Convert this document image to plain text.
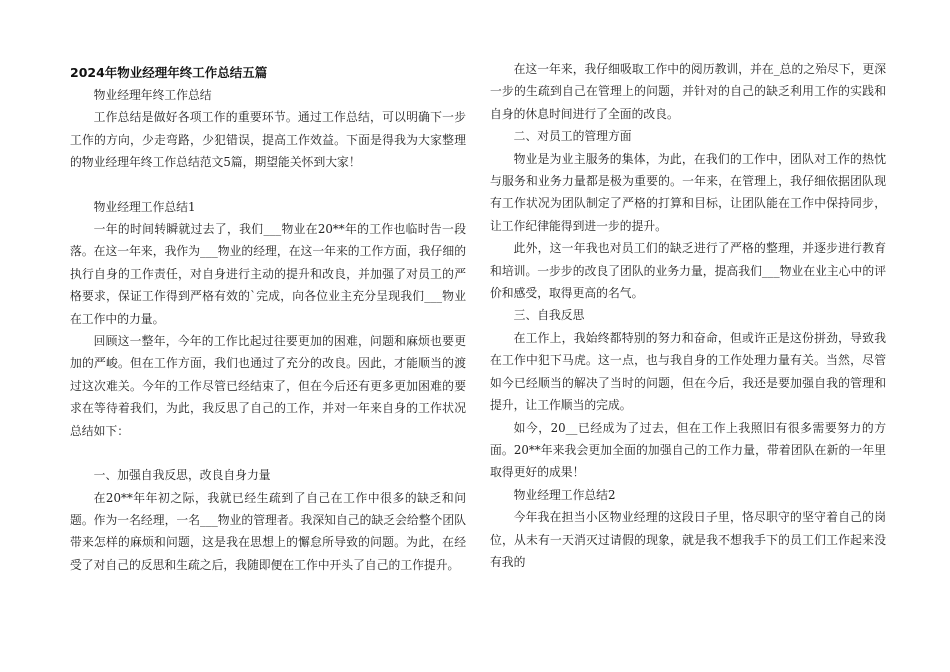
2024年物业经理年终工作总结五篇

物业经理年终工作总结

工作总结是做好各项工作的重要环节。通过工作总结，可以明确下一步工作的方向，少走弯路，少犯错误，提高工作效益。下面是得我为大家整理的物业经理年终工作总结范文5篇，期望能关怀到大家！

物业经理工作总结1

一年的时间转瞬就过去了，我们___物业在20**年的工作也临时告一段落。在这一年来，我作为___物业的经理，在这一年来的工作方面，我仔细的执行自身的工作责任，对自身进行主动的提升和改良，并加强了对员工的严格要求，保证工作得到严格有效的`完成，向各位业主充分呈现我们___物业在工作中的力量。

回顾这一整年，今年的工作比起过往要更加的困难，问题和麻烦也要更加的严峻。但在工作方面，我们也通过了充分的改良。因此，才能顺当的渡过这次难关。今年的工作尽管已经结束了，但在今后还有更多更加困难的要求在等待着我们，为此，我反思了自己的工作，并对一年来自身的工作状况总结如下：

一、加强自我反思，改良自身力量

在20**年年初之际，我就已经生疏到了自己在工作中很多的缺乏和问题。作为一名经理，一名___物业的管理者。我深知自己的缺乏会给整个团队带来怎样的麻烦和问题，这是我在思想上的懈怠所导致的问题。为此，在经受了对自己的反思和生疏之后，我随即便在工作中开头了自己的工作提升。

在这一年来，我仔细吸取工作中的阅历教训，并在_总的之殆尽下，更深一步的生疏到自己在管理上的问题，并针对的自己的缺乏利用工作的实践和自身的休息时间进行了全面的改良。

二、对员工的管理方面

物业是为业主服务的集体，为此，在我们的工作中，团队对工作的热忱与服务和业务力量都是极为重要的。一年来，在管理上，我仔细依据团队现有工作状况为团队制定了严格的打算和目标，让团队能在工作中保持同步，让工作纪律能得到进一步的提升。

此外，这一年我也对员工们的缺乏进行了严格的整理，并逐步进行教育和培训。一步步的改良了团队的业务力量，提高我们___物业在业主心中的评价和感受，取得更高的名气。

三、自我反思

在工作上，我始终都特别的努力和奋命，但或许正是这份拼劲，导致我在工作中犯下马虎。这一点，也与我自身的工作处理力量有关。当然，尽管如今已经顺当的解决了当时的问题，但在今后，我还是要加强自我的管理和提升，让工作顺当的完成。

如今，20__已经成为了过去，但在工作上我照旧有很多需要努力的方面。20**年来我会更加全面的加强自己的工作力量，带着团队在新的一年里取得更好的成果！

物业经理工作总结2

今年我在担当小区物业经理的这段日子里，恪尽职守的坚守着自己的岗位，从未有一天消灭过请假的现象，就是我不想我手下的员工们工作起来没有我的
